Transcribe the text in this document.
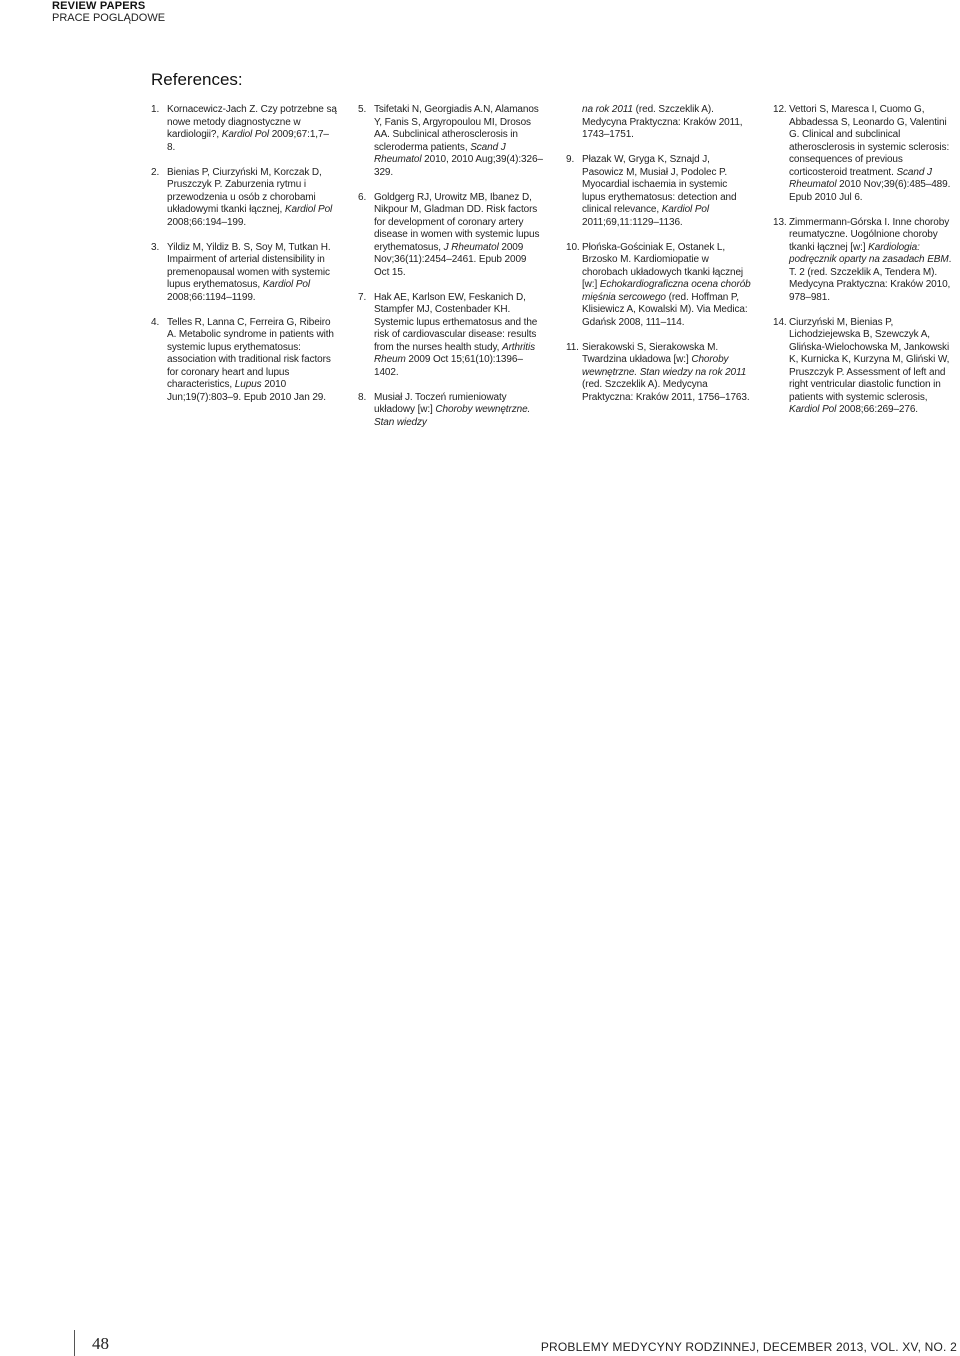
REVIEW PAPERS
PRACE POGLĄDOWE
References:
1. Kornacewicz-Jach Z. Czy potrzebne są nowe metody diagnostyczne w kardiologii?, Kardiol Pol 2009;67:1,7–8.
2. Bienias P, Ciurzyński M, Korczak D, Pruszczyk P. Zaburzenia rytmu i przewodzenia u osób z chorobami układowymi tkanki łącznej, Kardiol Pol 2008;66:194–199.
3. Yildiz M, Yildiz B. S, Soy M, Tutkan H. Impairment of arterial distensibility in premenopausal women with systemic lupus erythematosus, Kardiol Pol 2008;66:1194–1199.
4. Telles R, Lanna C, Ferreira G, Ribeiro A. Metabolic syndrome in patients with systemic lupus erythematosus: association with traditional risk factors for coronary heart and lupus characteristics, Lupus 2010 Jun;19(7):803–9. Epub 2010 Jan 29.
5. Tsifetaki N, Georgiadis A.N, Alamanos Y, Fanis S, Argyropoulou MI, Drosos AA. Subclinical atherosclerosis in scleroderma patients, Scand J Rheumatol 2010, 2010 Aug;39(4):326–329.
6. Goldgerg RJ, Urowitz MB, Ibanez D, Nikpour M, Gladman DD. Risk factors for development of coronary artery disease in women with systemic lupus erythematosus, J Rheumatol 2009 Nov;36(11):2454–2461. Epub 2009 Oct 15.
7. Hak AE, Karlson EW, Feskanich D, Stampfer MJ, Costenbader KH. Systemic lupus erthematosus and the risk of cardiovascular disease: results from the nurses health study, Arthritis Rheum 2009 Oct 15;61(10):1396–1402.
8. Musiał J. Toczeń rumieniowaty układowy [w:] Choroby wewnętrzne. Stan wiedzy
na rok 2011 (red. Szczeklik A). Medycyna Praktyczna: Kraków 2011, 1743–1751.
9. Płazak W, Gryga K, Sznajd J, Pasowicz M, Musiał J, Podolec P. Myocardial ischaemia in systemic lupus erythematosus: detection and clinical relevance, Kardiol Pol 2011;69,11:1129–1136.
10. Płońska-Gościniak E, Ostanek L, Brzosko M. Kardiomiopatie w chorobach układowych tkanki łącznej [w:] Echokardiograficzna ocena chorób mięśnia sercowego (red. Hoffman P, Klisiewicz A, Kowalski M). Via Medica: Gdańsk 2008, 111–114.
11. Sierakowski S, Sierakowska M. Twardzina układowa [w:] Choroby wewnętrzne. Stan wiedzy na rok 2011 (red. Szczeklik A). Medycyna Praktyczna: Kraków 2011, 1756–1763.
12. Vettori S, Maresca I, Cuomo G, Abbadessa S, Leonardo G, Valentini G. Clinical and subclinical atherosclerosis in systemic sclerosis: consequences of previous corticosteroid treatment. Scand J Rheumatol 2010 Nov;39(6):485–489. Epub 2010 Jul 6.
13. Zimmermann-Górska I. Inne choroby reumatyczne. Uogólnione choroby tkanki łącznej [w:] Kardiologia: podręcznik oparty na zasadach EBM. T. 2 (red. Szczeklik A, Tendera M). Medycyna Praktyczna: Kraków 2010, 978–981.
14. Ciurzyński M, Bienias P, Lichodziejewska B, Szewczyk A, Glińska-Wielochowska M, Jankowski K, Kurnicka K, Kurzyna M, Gliński W, Pruszczyk P. Assessment of left and right ventricular diastolic function in patients with systemic sclerosis, Kardiol Pol 2008;66:269–276.
48	PROBLEMY MEDYCYNY RODZINNEJ, DECEMBER 2013, VOL. XV, NO. 2
